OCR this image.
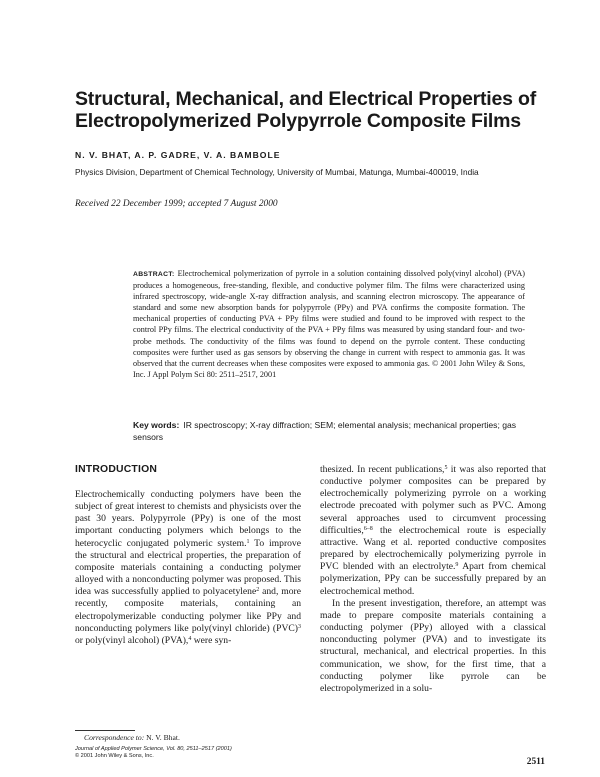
Structural, Mechanical, and Electrical Properties of Electropolymerized Polypyrrole Composite Films

N. V. BHAT, A. P. GADRE, V. A. BAMBOLE

Physics Division, Department of Chemical Technology, University of Mumbai, Matunga, Mumbai-400019, India

Received 22 December 1999; accepted 7 August 2000

ABSTRACT: Electrochemical polymerization of pyrrole in a solution containing dissolved poly(vinyl alcohol) (PVA) produces a homogeneous, free-standing, flexible, and conductive polymer film. The films were characterized using infrared spectroscopy, wide-angle X-ray diffraction analysis, and scanning electron microscopy. The appearance of standard and some new absorption bands for polypyrrole (PPy) and PVA confirms the composite formation. The mechanical properties of conducting PVA + PPy films were studied and found to be improved with respect to the control PPy films. The electrical conductivity of the PVA + PPy films was measured by using standard four- and two-probe methods. The conductivity of the films was found to depend on the pyrrole content. These conducting composites were further used as gas sensors by observing the change in current with respect to ammonia gas. It was observed that the current decreases when these composites were exposed to ammonia gas. © 2001 John Wiley & Sons, Inc. J Appl Polym Sci 80: 2511–2517, 2001

Key words: IR spectroscopy; X-ray diffraction; SEM; elemental analysis; mechanical properties; gas sensors

INTRODUCTION

Electrochemically conducting polymers have been the subject of great interest to chemists and physicists over the past 30 years. Polypyrrole (PPy) is one of the most important conducting polymers which belongs to the heterocyclic conjugated polymeric system.$^1$ To improve the structural and electrical properties, the preparation of composite materials containing a conducting polymer alloyed with a nonconducting polymer was proposed. This idea was successfully applied to polyacetylene$^2$ and, more recently, composite materials, containing an electropolymerizable conducting polymer like PPy and nonconducting polymers like poly(vinyl chloride) (PVC)$^3$ or poly(vinyl alcohol) (PVA),$^4$ were syn-

thesized. In recent publications,$^5$ it was also reported that conductive polymer composites can be prepared by electrochemically polymerizing pyrrole on a working electrode precoated with polymer such as PVC. Among several approaches used to circumvent processing difficulties,$^{6-8}$ the electrochemical route is especially attractive. Wang et al. reported conductive composites prepared by electrochemically polymerizing pyrrole in PVC blended with an electrolyte.$^9$ Apart from chemical polymerization, PPy can be successfully prepared by an electrochemical method.

In the present investigation, therefore, an attempt was made to prepare composite materials containing a conducting polymer (PPy) alloyed with a classical nonconducting polymer (PVA) and to investigate its structural, mechanical, and electrical properties. In this communication, we show, for the first time, that a conducting polymer like pyrrole can be electropolymerized in a solu-

Correspondence to: N. V. Bhat.

Journal of Applied Polymer Science, Vol. 80, 2511–2517 (2001)
© 2001 John Wiley & Sons, Inc.

2511
